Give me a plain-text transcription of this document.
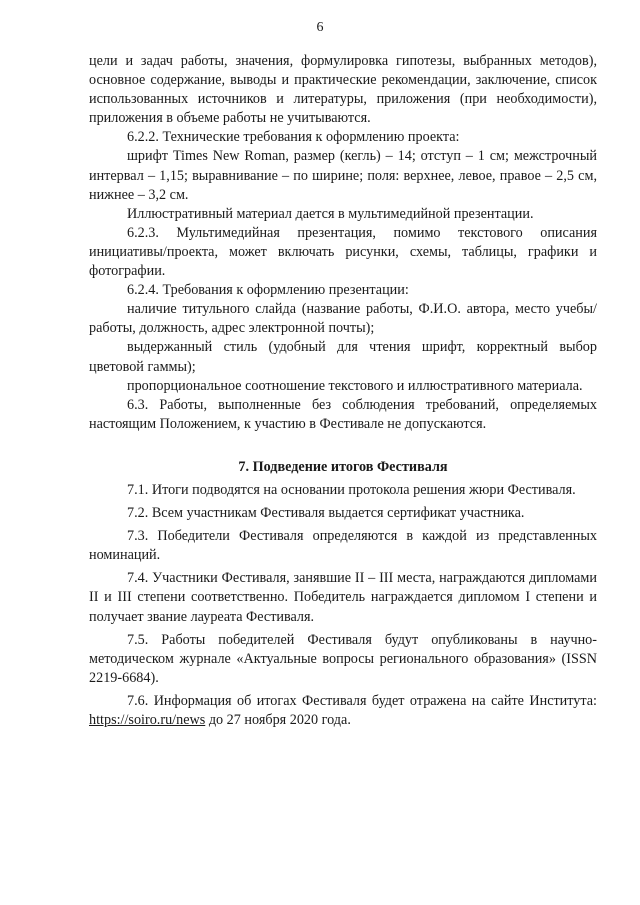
6

цели и задач работы, значения, формулировка гипотезы, выбранных методов), основное содержание, выводы и практические рекомендации, заключение, список использованных источников и литературы, приложения (при необходимости), приложения в объеме работы не учитываются.

6.2.2. Технические требования к оформлению проекта:

шрифт Times New Roman, размер (кегль) – 14; отступ – 1 см; межстрочный интервал – 1,15; выравнивание – по ширине; поля: верхнее, левое, правое – 2,5 см, нижнее – 3,2 см.

Иллюстративный материал дается в мультимедийной презентации.

6.2.3. Мультимедийная презентация, помимо текстового описания инициативы/проекта, может включать рисунки, схемы, таблицы, графики и фотографии.

6.2.4. Требования к оформлению презентации:

наличие титульного слайда (название работы, Ф.И.О. автора, место учебы/работы, должность, адрес электронной почты);

выдержанный стиль (удобный для чтения шрифт, корректный выбор цветовой гаммы);

пропорциональное соотношение текстового и иллюстративного материала.

6.3. Работы, выполненные без соблюдения требований, определяемых настоящим Положением, к участию в Фестивале не допускаются.

7. Подведение итогов Фестиваля

7.1. Итоги подводятся на основании протокола решения жюри Фестиваля.

7.2. Всем участникам Фестиваля выдается сертификат участника.

7.3. Победители Фестиваля определяются в каждой из представленных номинаций.

7.4. Участники Фестиваля, занявшие II – III места, награждаются дипломами II и III степени соответственно. Победитель награждается дипломом I степени и получает звание лауреата Фестиваля.

7.5. Работы победителей Фестиваля будут опубликованы в научно-методическом журнале «Актуальные вопросы регионального образования» (ISSN 2219-6684).

7.6. Информация об итогах Фестиваля будет отражена на сайте Института: https://soiro.ru/news до 27 ноября 2020 года.
